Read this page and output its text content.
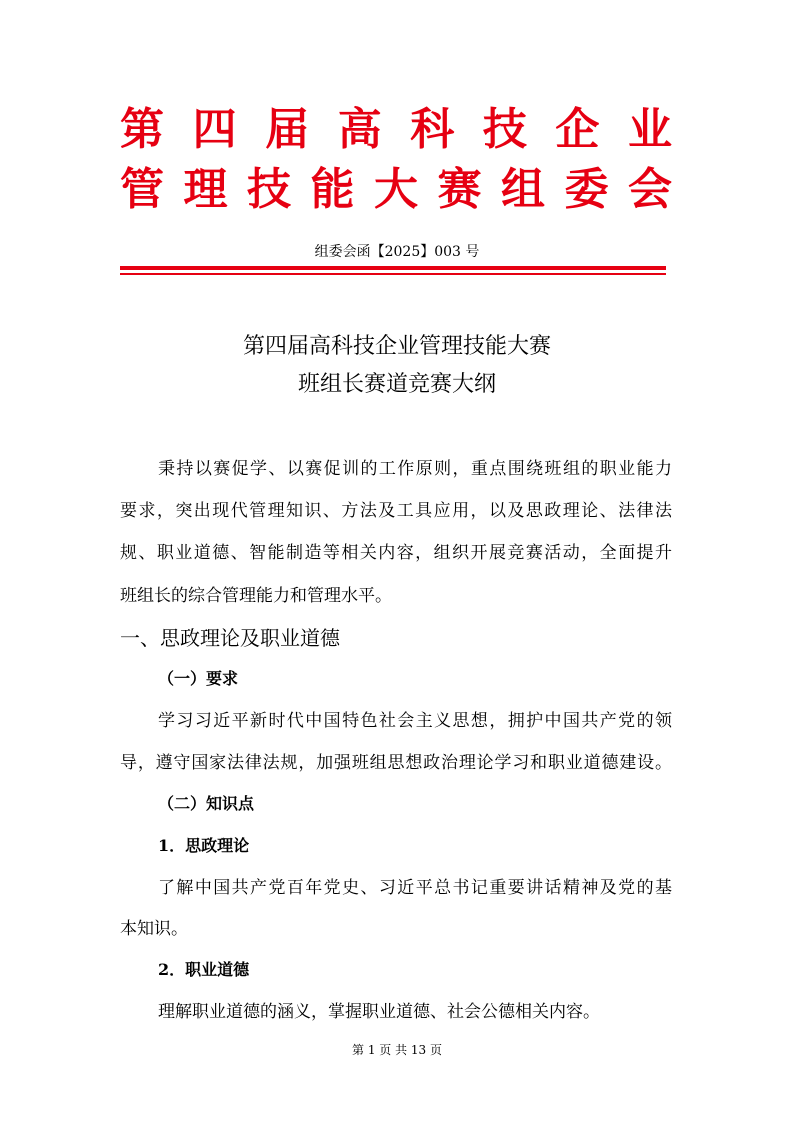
第 四 届 高 科 技 企 业
管 理 技 能 大 赛 组 委 会
组委会函【2025】003 号
第四届高科技企业管理技能大赛
班组长赛道竞赛大纲
秉持以赛促学、以赛促训的工作原则，重点围绕班组的职业能力
要求，突出现代管理知识、方法及工具应用，以及思政理论、法律法
规、职业道德、智能制造等相关内容，组织开展竞赛活动，全面提升
班组长的综合管理能力和管理水平。
一、思政理论及职业道德
（一）要求
学习习近平新时代中国特色社会主义思想，拥护中国共产党的领
导，遵守国家法律法规，加强班组思想政治理论学习和职业道德建设。
（二）知识点
1．思政理论
了解中国共产党百年党史、习近平总书记重要讲话精神及党的基
本知识。
2．职业道德
理解职业道德的涵义，掌握职业道德、社会公德相关内容。
第 1 页 共 13 页
